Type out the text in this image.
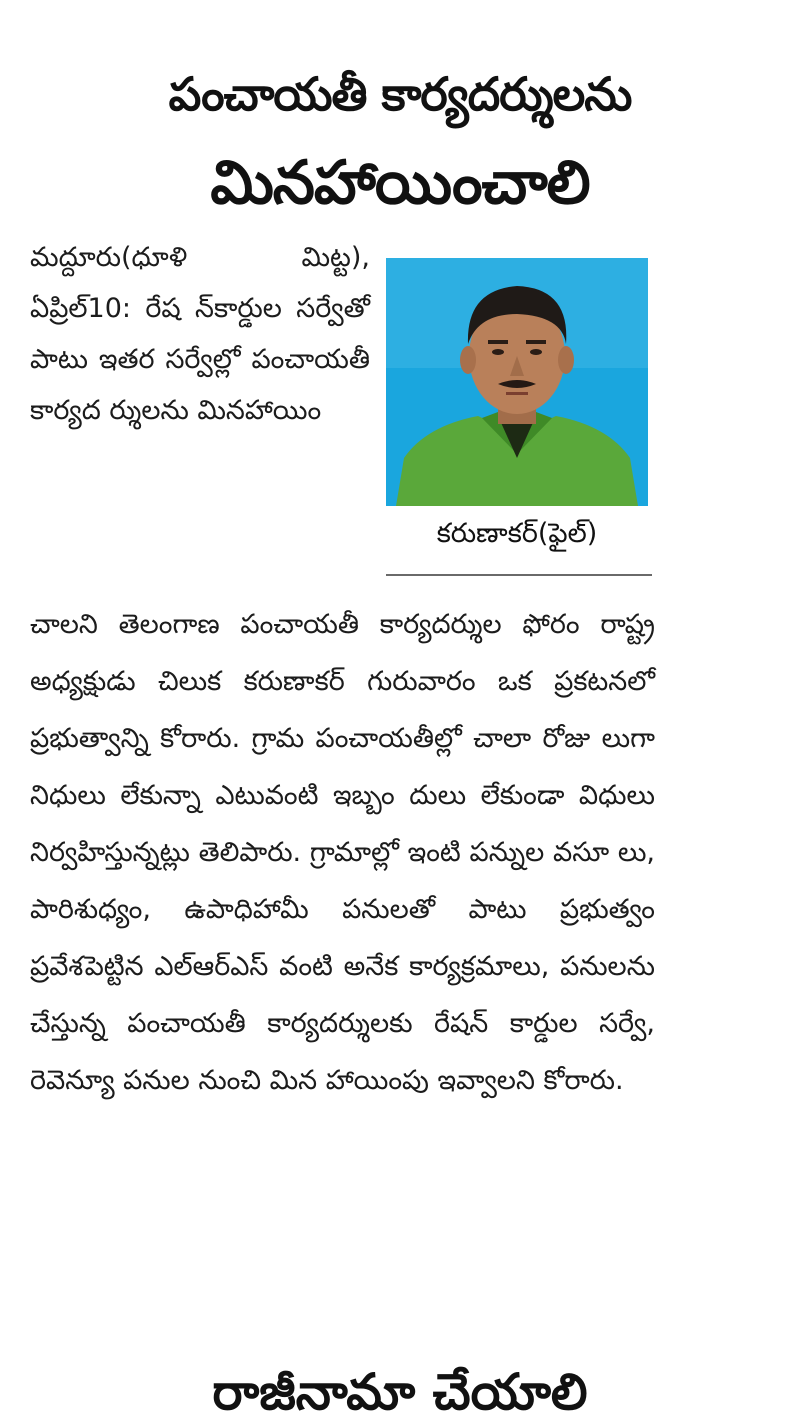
పంచాయతీ కార్యదర్శులను
మినహాయించాలి
మద్దూరు(ధూళి మిట్ట), ఏప్రిల్10: రేష న్‌కార్డుల సర్వేతో పాటు ఇతర సర్వేల్లో పంచాయతీ కార్యద ర్శులను మినహాయిం
కరుణాకర్(ఫైల్)
చాలని తెలంగాణ పంచాయతీ కార్యదర్శుల ఫోరం రాష్ట్ర అధ్యక్షుడు చిలుక కరుణాకర్ గురువారం ఒక ప్రకటనలో ప్రభుత్వాన్ని కోరారు. గ్రామ పంచాయతీల్లో చాలా రోజు లుగా నిధులు లేకున్నా ఎటువంటి ఇబ్బం దులు లేకుండా విధులు నిర్వహిస్తున్నట్లు తెలిపారు. గ్రామాల్లో ఇంటి పన్నుల వసూ లు, పారిశుధ్యం, ఉపాధిహామీ పనులతో పాటు ప్రభుత్వం ప్రవేశపెట్టిన ఎల్‌ఆర్‌ఎస్ వంటి అనేక కార్యక్రమాలు, పనులను చేస్తున్న పంచాయతీ కార్యదర్శులకు రేషన్ కార్డుల సర్వే, రెవెన్యూ పనుల నుంచి మిన హాయింపు ఇవ్వాలని కోరారు.
రాజీనామా చేయాలి
